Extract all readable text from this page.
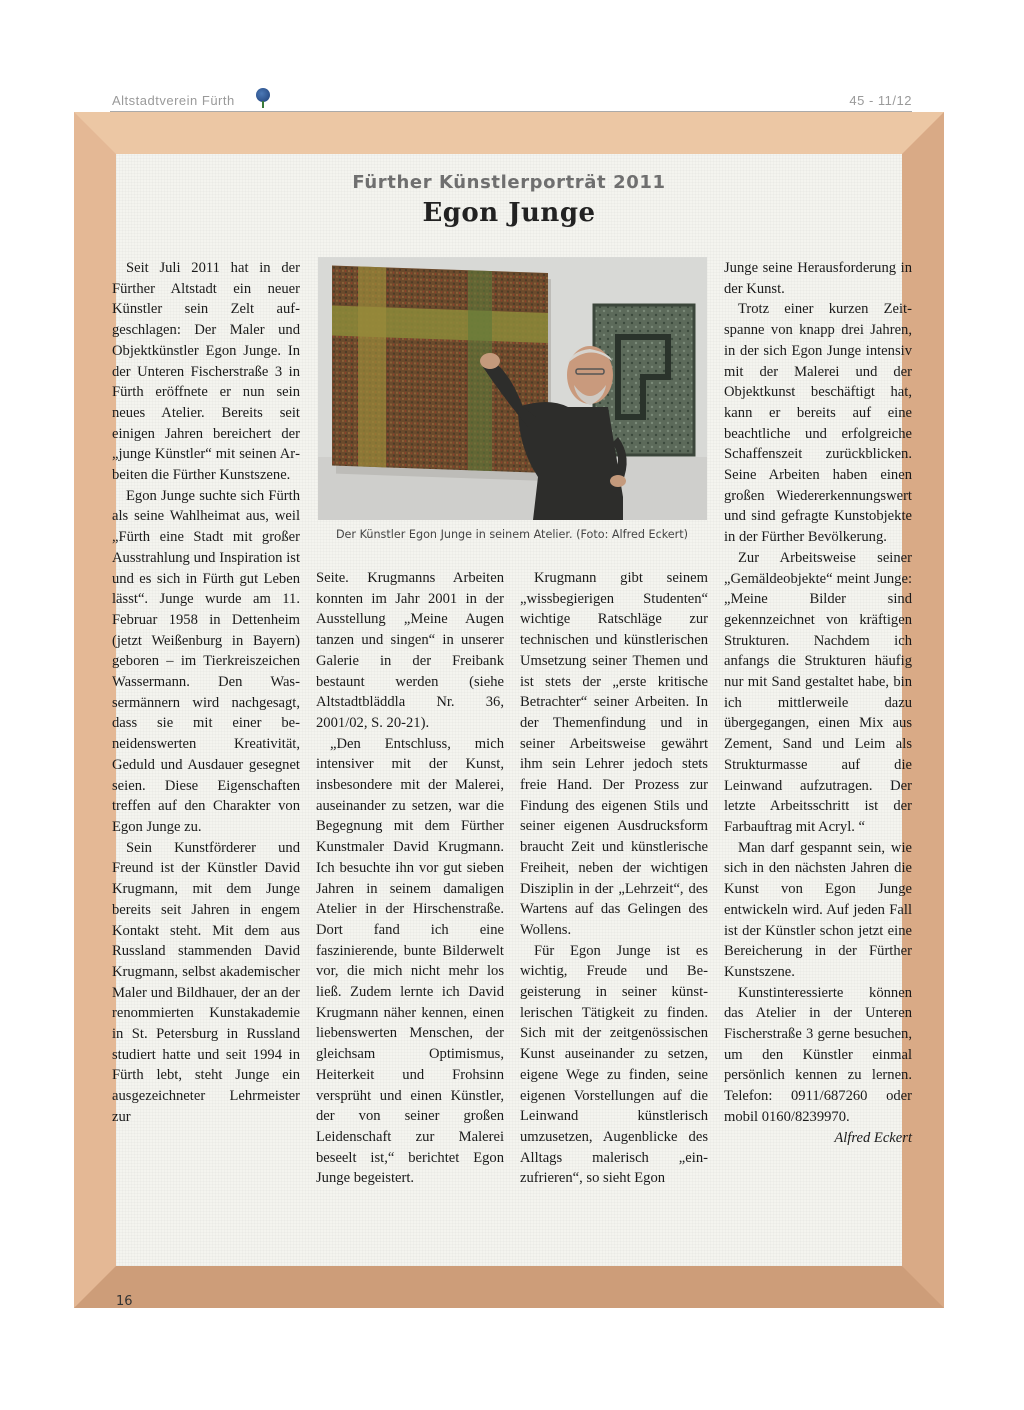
Altstadtverein Fürth	45 - 11/12
Fürther Künstlerporträt 2011
Egon Junge

Seit Juli 2011 hat in der Fürther Altstadt ein neuer Künstler sein Zelt aufgeschlagen: Der Maler und Objektkünstler Egon Junge. In der Unteren Fischerstraße 3 in Fürth eröffnete er nun sein neues Atelier. Bereits seit einigen Jahren bereichert der „junge Künstler“ mit seinen Arbeiten die Fürther Kunstszene.

Egon Junge suchte sich Fürth als seine Wahlheimat aus, weil „Fürth eine Stadt mit großer Ausstrahlung und Inspiration ist und es sich in Fürth gut Leben lässt“. Junge wurde am 11. Februar 1958 in Dettenheim (jetzt Weißenburg in Bayern) geboren – im Tierkreiszeichen Wassermann. Den Wassermännern wird nachgesagt, dass sie mit einer beneidenswerten Kreativität, Geduld und Ausdauer gesegnet seien. Diese Eigenschaften treffen auf den Charakter von Egon Junge zu.

Sein Kunstförderer und Freund ist der Künstler David Krugmann, mit dem Junge bereits seit Jahren in engem Kontakt steht. Mit dem aus Russland stammenden David Krugmann, selbst akademischer Maler und Bildhauer, der an der renommierten Kunstakademie in St. Petersburg in Russland studiert hatte und seit 1994 in Fürth lebt, steht Junge ein ausgezeichneter Lehrmeister zur

Der Künstler Egon Junge in seinem Atelier. (Foto: Alfred Eckert)

Seite. Krugmanns Arbeiten konnten im Jahr 2001 in der Ausstellung „Meine Augen tanzen und singen“ in unserer Galerie in der Freibank bestaunt werden (siehe Altstadtbläddla Nr. 36, 2001/02, S. 20-21).

„Den Entschluss, mich intensiver mit der Kunst, insbesondere mit der Malerei, auseinander zu setzen, war die Begegnung mit dem Fürther Kunstmaler David Krugmann. Ich besuchte ihn vor gut sieben Jahren in seinem damaligen Atelier in der Hirschenstraße. Dort fand ich eine faszinierende, bunte Bilderwelt vor, die mich nicht mehr los ließ. Zudem lernte ich David Krugmann näher kennen, einen liebenswerten Menschen, der gleichsam Optimismus, Heiterkeit und Frohsinn versprüht und einen Künstler, der von seiner großen Leidenschaft zur Malerei beseelt ist,“ berichtet Egon Junge begeistert.

Krugmann gibt seinem „wissbegierigen Studenten“ wichtige Ratschläge zur technischen und künstlerischen Umsetzung seiner Themen und ist stets der „erste kritische Betrachter“ seiner Arbeiten. In der Themenfindung und in seiner Arbeitsweise gewährt ihm sein Lehrer jedoch stets freie Hand. Der Prozess zur Findung des eigenen Stils und seiner eigenen Ausdrucksform braucht Zeit und künstlerische Freiheit, neben der wichtigen Disziplin in der „Lehrzeit“, des Wartens auf das Gelingen des Wollens.

Für Egon Junge ist es wichtig, Freude und Begeisterung in seiner künstlerischen Tätigkeit zu finden. Sich mit der zeitgenössischen Kunst auseinander zu setzen, eigene Wege zu finden, seine eigenen Vorstellungen auf die Leinwand künstlerisch umzusetzen, Augenblicke des Alltags malerisch „einzufrieren“, so sieht Egon

Junge seine Herausforderung in der Kunst.

Trotz einer kurzen Zeitspanne von knapp drei Jahren, in der sich Egon Junge intensiv mit der Malerei und der Objektkunst beschäftigt hat, kann er bereits auf eine beachtliche und erfolgreiche Schaffenszeit zurückblicken. Seine Arbeiten haben einen großen Wiedererkennungswert und sind gefragte Kunstobjekte in der Fürther Bevölkerung.

Zur Arbeitsweise seiner „Gemäldeobjekte“ meint Junge: „Meine Bilder sind gekennzeichnet von kräftigen Strukturen. Nachdem ich anfangs die Strukturen häufig nur mit Sand gestaltet habe, bin ich mittlerweile dazu übergegangen, einen Mix aus Zement, Sand und Leim als Strukturmasse auf die Leinwand aufzutragen. Der letzte Arbeitsschritt ist der Farbauftrag mit Acryl. “

Man darf gespannt sein, wie sich in den nächsten Jahren die Kunst von Egon Junge entwickeln wird. Auf jeden Fall ist der Künstler schon jetzt eine Bereicherung in der Fürther Kunstszene.

Kunstinteressierte können das Atelier in der Unteren Fischerstraße 3 gerne besuchen, um den Künstler einmal persönlich kennen zu lernen. Telefon: 0911/687260 oder mobil 0160/8239970.

Alfred Eckert

16
